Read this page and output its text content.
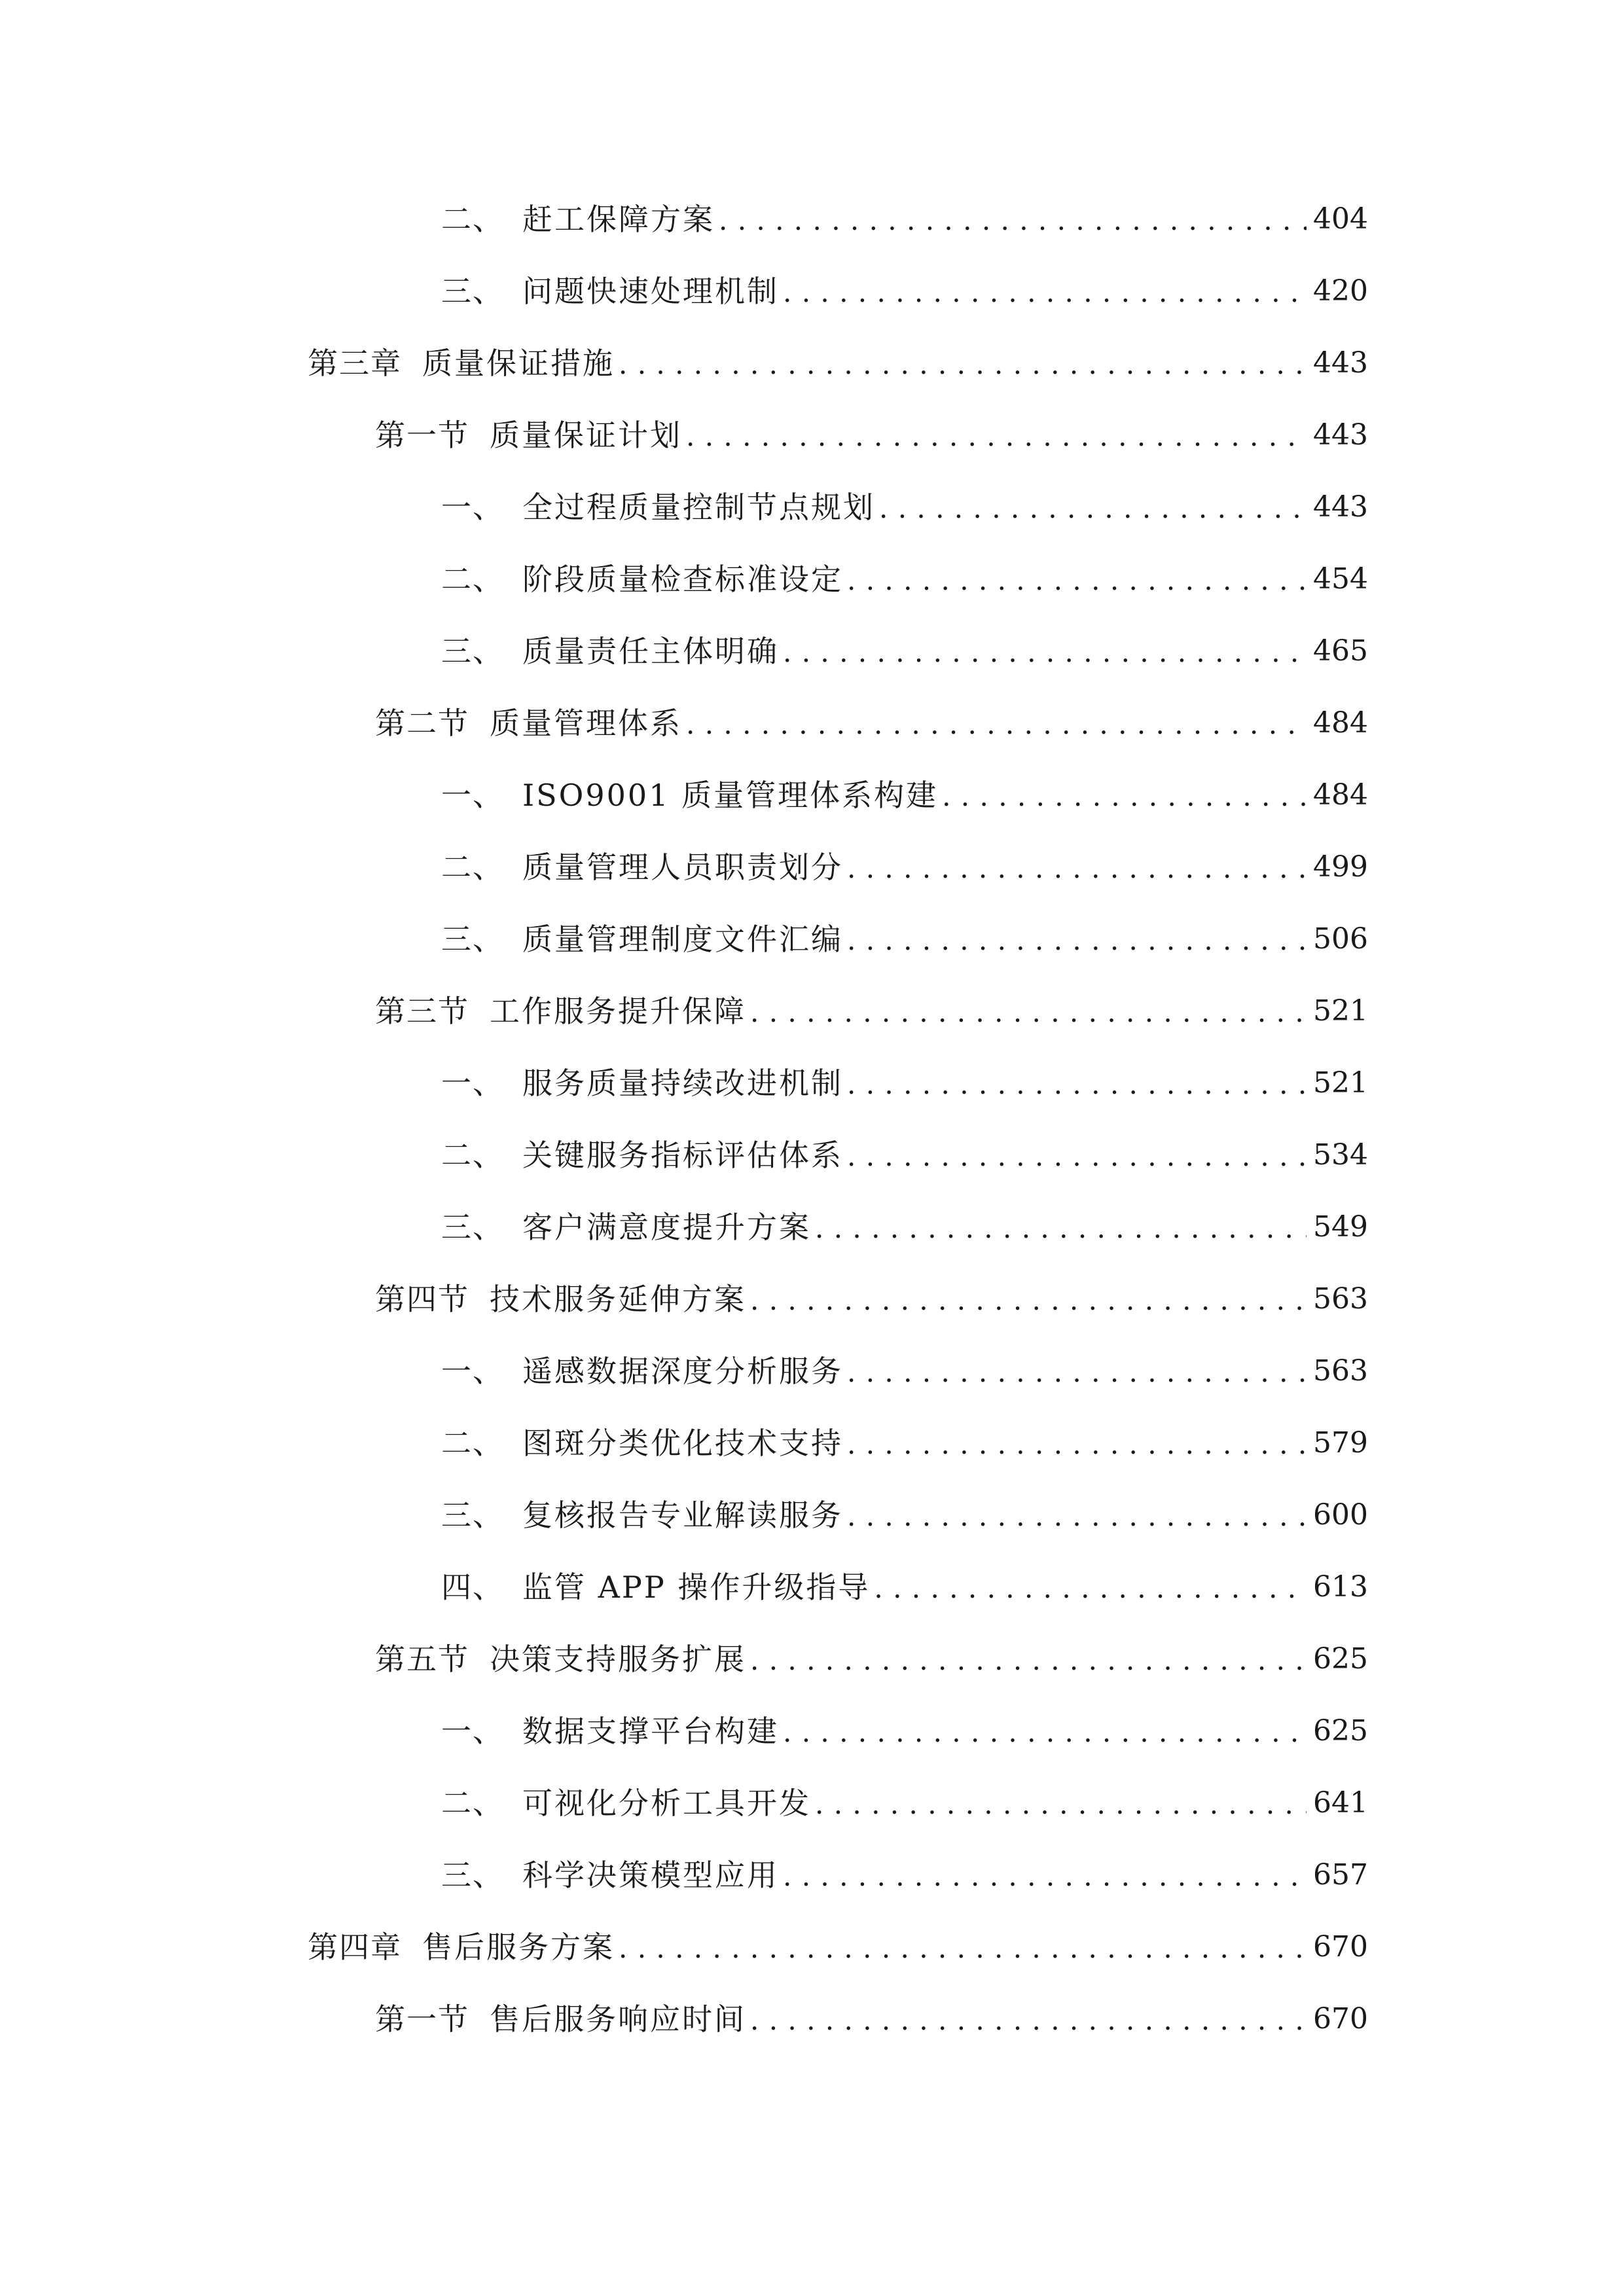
二、 赶工保障方案 . . .	404
三、 问题快速处理机制 . . .	420
第三章 质量保证措施 . . .	443
第一节 质量保证计划 . . .	443
一、 全过程质量控制节点规划 . . .	443
二、 阶段质量检查标准设定 . . .	454
三、 质量责任主体明确 . . .	465
第二节 质量管理体系 . . .	484
一、 ISO9001 质量管理体系构建 . . .	484
二、 质量管理人员职责划分 . . .	499
三、 质量管理制度文件汇编 . . .	506
第三节 工作服务提升保障 . . .	521
一、 服务质量持续改进机制 . . .	521
二、 关键服务指标评估体系 . . .	534
三、 客户满意度提升方案 . . .	549
第四节 技术服务延伸方案 . . .	563
一、 遥感数据深度分析服务 . . .	563
二、 图斑分类优化技术支持 . . .	579
三、 复核报告专业解读服务 . . .	600
四、 监管 APP 操作升级指导 . . .	613
第五节 决策支持服务扩展 . . .	625
一、 数据支撑平台构建 . . .	625
二、 可视化分析工具开发 . . .	641
三、 科学决策模型应用 . . .	657
第四章 售后服务方案 . . .	670
第一节 售后服务响应时间 . . .	670
